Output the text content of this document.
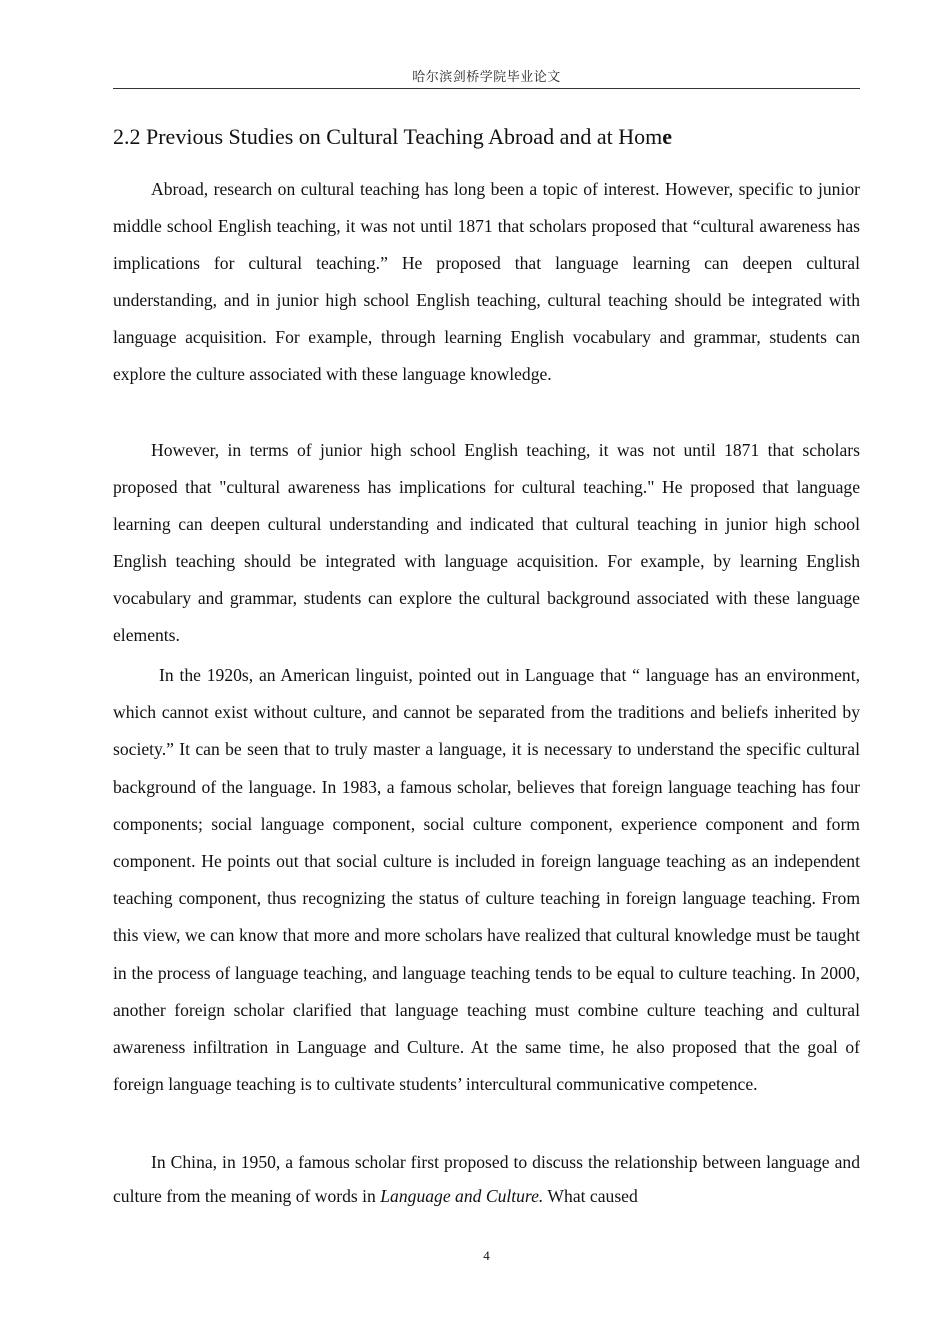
哈尔滨剑桥学院毕业论文
2.2 Previous Studies on Cultural Teaching Abroad and at Home

Abroad, research on cultural teaching has long been a topic of interest. However, specific to junior middle school English teaching, it was not until 1871 that scholars proposed that “cultural awareness has implications for cultural teaching.” He proposed that language learning can deepen cultural understanding, and in junior high school English teaching, cultural teaching should be integrated with language acquisition. For example, through learning English vocabulary and grammar, students can explore the culture associated with these language knowledge.

However, in terms of junior high school English teaching, it was not until 1871 that scholars proposed that "cultural awareness has implications for cultural teaching." He proposed that language learning can deepen cultural understanding and indicated that cultural teaching in junior high school English teaching should be integrated with language acquisition. For example, by learning English vocabulary and grammar, students can explore the cultural background associated with these language elements.

In the 1920s, an American linguist, pointed out in Language that “ language has an environment, which cannot exist without culture, and cannot be separated from the traditions and beliefs inherited by society.” It can be seen that to truly master a language, it is necessary to understand the specific cultural background of the language. In 1983, a famous scholar, believes that foreign language teaching has four components; social language component, social culture component, experience component and form component. He points out that social culture is included in foreign language teaching as an independent teaching component, thus recognizing the status of culture teaching in foreign language teaching. From this view, we can know that more and more scholars have realized that cultural knowledge must be taught in the process of language teaching, and language teaching tends to be equal to culture teaching. In 2000, another foreign scholar clarified that language teaching must combine culture teaching and cultural awareness infiltration in Language and Culture. At the same time, he also proposed that the goal of foreign language teaching is to cultivate students’ intercultural communicative competence.

In China, in 1950, a famous scholar first proposed to discuss the relationship between language and culture from the meaning of words in Language and Culture. What caused

4
